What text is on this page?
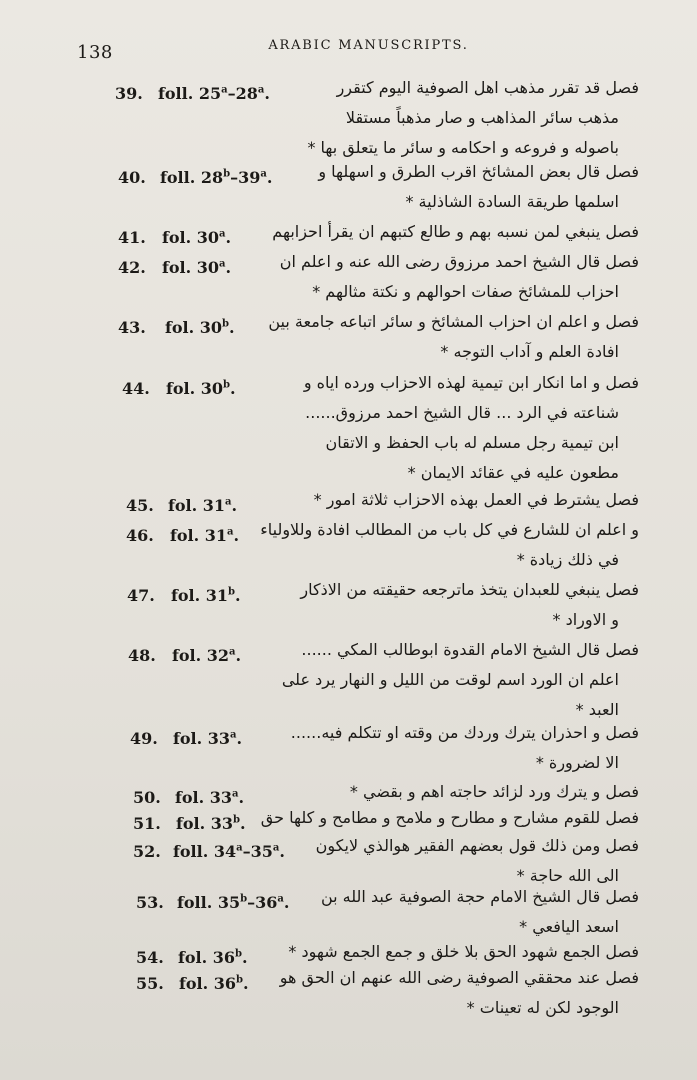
138	ARABIC MANUSCRIPTS.
39. foll. 25$^a$–28$^a$.	فصل قد تقرر مذهب اهل الصوفية اليوم كتقرر
مذهب سائر المذاهب و صار مذهباً مستقلا
باصوله و فروعه و احكامه و سائر ما يتعلق بها *
40. foll. 28$^b$–39$^a$.	فصل قال بعض المشائخ اقرب الطرق و اسهلها و
اسلمها طريقة السادة الشاذلية *
41. fol. 30$^a$.	فصل ينبغي لمن نسبه بهم و طالع كتبهم ان يقرأ احزابهم
42. fol. 30$^a$.	فصل قال الشيخ احمد مرزوق رضى الله عنه و اعلم ان
احزاب للمشائخ صفات احوالهم و نكتة مثالهم *
43. fol. 30$^b$. فصل و اعلم ان احزاب المشائخ و سائر اتباعه جامعة بين
افادة العلم و آداب التوجه *
44. fol. 30$^b$.	فصل و اما انكار ابن تيمية لهذه الاحزاب ورده اياه و
شناعته في الرد ... قال الشيخ احمد مرزوق......
ابن تيمية رجل مسلم له باب الحفظ و الاتقان
مطعون عليه في عقائد الايمان *
45. fol. 31$^a$.	فصل يشترط في العمل بهذه الاحزاب ثلاثة امور *
46. fol. 31$^a$. و اعلم ان للشارع في كل باب من المطالب افادة وللاولياء
في ذلك زيادة *
47. fol. 31$^b$.	فصل ينبغي للعبدان يتخذ ماترجعه حقيقته من الاذكار
و الاوراد *
48. fol. 32$^a$.	فصل قال الشيخ الامام القدوة ابوطالب المكي ......
اعلم ان الورد اسم لوقت من الليل و النهار يرد على
العبد *
49. fol. 33$^a$.	فصل و احذران يترك وردك من وقته او تتكلم فيه......
الا لضرورة *
50. fol. 33$^a$.	فصل و يترك ورد لزائد حاجته اهم و بقضي *
51. fol. 33$^b$. فصل للقوم مشارح و مطارح و ملامح و مطامح و كلها حق
52. foll. 34$^a$–35$^a$. فصل ومن ذلك قول بعضهم الفقير هوالذي لايكون
الى الله حاجة *
53. foll. 35$^b$–36$^a$. فصل قال الشيخ الامام حجة الصوفية عبد الله بن
اسعد اليافعي *
54. fol. 36$^b$.	فصل الجمع شهود الحق بلا خلق و جمع الجمع شهود *
55. fol. 36$^b$. فصل عند محققي الصوفية رضى الله عنهم ان الحق هو
الوجود لكن له تعينات *
